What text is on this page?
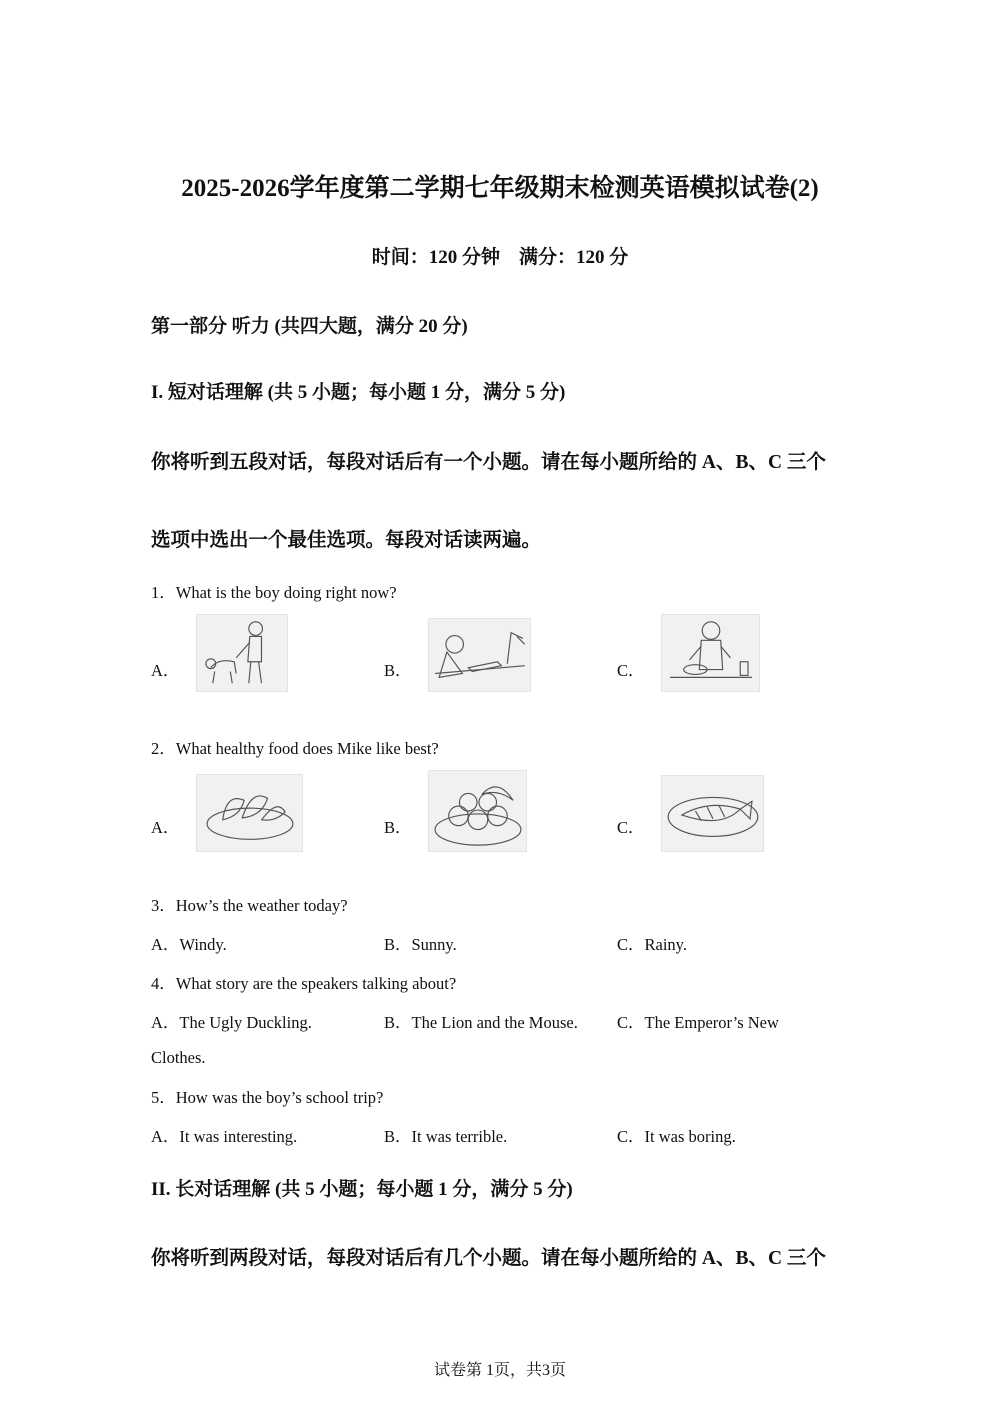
2025-2026学年度第二学期七年级期末检测英语模拟试卷(2)
时间：120 分钟　满分：120 分
第一部分 听力 (共四大题，满分 20 分)
I. 短对话理解 (共 5 小题；每小题 1 分，满分 5 分)
你将听到五段对话，每段对话后有一个小题。请在每小题所给的 A、B、C 三个
选项中选出一个最佳选项。每段对话读两遍。
1．What is the boy doing right now?
A．	B．	C．
2．What healthy food does Mike like best?
A．	B．	C．
3．How’s the weather today?
A．Windy.	B．Sunny.	C．Rainy.
4．What story are the speakers talking about?
A．The Ugly Duckling.	B．The Lion and the Mouse. C．The Emperor’s New
Clothes.
5．How was the boy’s school trip?
A．It was interesting.	B．It was terrible.	C．It was boring.
II. 长对话理解 (共 5 小题；每小题 1 分，满分 5 分)
你将听到两段对话，每段对话后有几个小题。请在每小题所给的 A、B、C 三个
试卷第 1页，共3页
